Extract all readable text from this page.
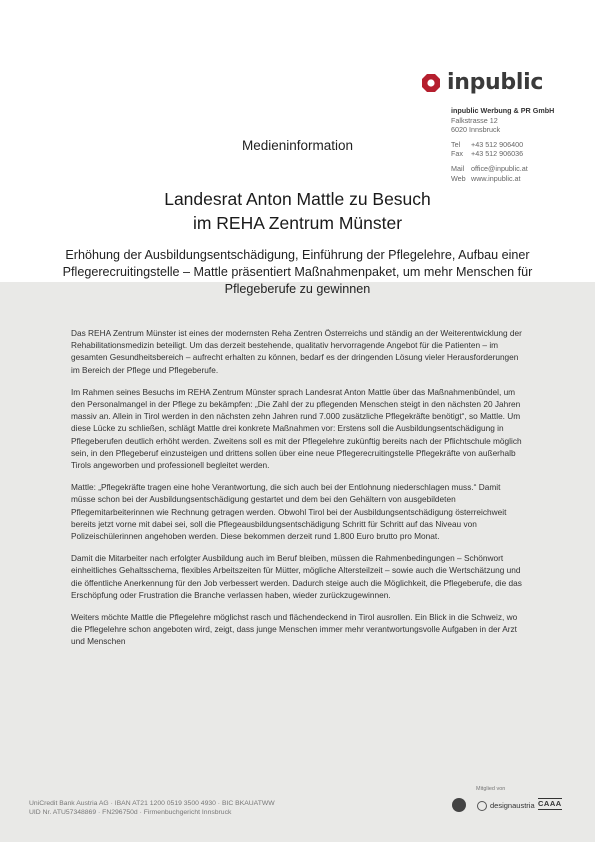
inpublic
inpublic Werbung & PR GmbH
Falkstrasse 12
6020 Innsbruck
Tel +43 512 906400
Fax +43 512 906036
Mail office@inpublic.at
Web www.inpublic.at
Medieninformation
Landesrat Anton Mattle zu Besuch
im REHA Zentrum Münster
Erhöhung der Ausbildungsentschädigung, Einführung der Pflegelehre, Aufbau einer Pflegerecruitingstelle – Mattle präsentiert Maßnahmenpaket, um mehr Menschen für Pflegeberufe zu gewinnen

Das REHA Zentrum Münster ist eines der modernsten Reha Zentren Österreichs und ständig an der Weiterentwicklung der Rehabilitationsmedizin beteiligt. Um das derzeit bestehende, qualitativ hervorragende Angebot für die Patienten – im gesamten Gesundheitsbereich – aufrecht erhalten zu können, bedarf es der dringenden Lösung vieler Herausforderungen im Bereich der Pflege und Pflegeberufe.

Im Rahmen seines Besuchs im REHA Zentrum Münster sprach Landesrat Anton Mattle über das Maßnahmenbündel, um den Personalmangel in der Pflege zu bekämpfen: „Die Zahl der zu pflegenden Menschen steigt in den nächsten 20 Jahren massiv an. Allein in Tirol werden in den nächsten zehn Jahren rund 7.000 zusätzliche Pflegekräfte benötigt“, so Mattle. Um diese Lücke zu schließen, schlägt Mattle drei konkrete Maßnahmen vor: Erstens soll die Ausbildungsentschädigung in Pflegeberufen deutlich erhöht werden. Zweitens soll es mit der Pflegelehre zukünftig bereits nach der Pflichtschule möglich sein, in den Pflegeberuf einzusteigen und drittens sollen über eine neue Pflegerecruitingstelle Pflegekräfte von außerhalb Tirols angeworben und professionell begleitet werden.

Mattle: „Pflegekräfte tragen eine hohe Verantwortung, die sich auch bei der Entlohnung niederschlagen muss.“ Damit müsse schon bei der Ausbildungsentschädigung gestartet und dem bei den Gehältern von ausgebildeten Pflegemitarbeiterinnen wie Rechnung getragen werden. Obwohl Tirol bei der Ausbildungsentschädigung österreichweit bereits jetzt vorne mit dabei sei, soll die Pflegeausbildungsentschädigung Schritt für Schritt auf das Niveau von Polizeischülerinnen angehoben werden. Diese bekommen derzeit rund 1.800 Euro brutto pro Monat.

Damit die Mitarbeiter nach erfolgter Ausbildung auch im Beruf bleiben, müssen die Rahmenbedingungen – Schönwort einheitliches Gehaltsschema, flexibles Arbeitszeiten für Mütter, mögliche Altersteilzeit – sowie auch die Wertschätzung und die öffentliche Anerkennung für den Job verbessert werden. Dadurch steige auch die Möglichkeit, die Pflegeberufe, die das Erschöpfung oder Frustration die Branche verlassen haben, wieder zurückzugewinnen.

Weiters möchte Mattle die Pflegelehre möglichst rasch und flächendeckend in Tirol ausrollen. Ein Blick in die Schweiz, wo die Pflegelehre schon angeboten wird, zeigt, dass junge Menschen immer mehr verantwortungsvolle Aufgaben in der Arzt und Menschen

UniCredit Bank Austria AG · IBAN AT21 1200 0519 3500 4930 · BIC BKAUATWW
UID Nr. ATU57348869 · FN296750d · Firmenbuchgericht Innsbruck
Mitglied von
designaustria CAAA
